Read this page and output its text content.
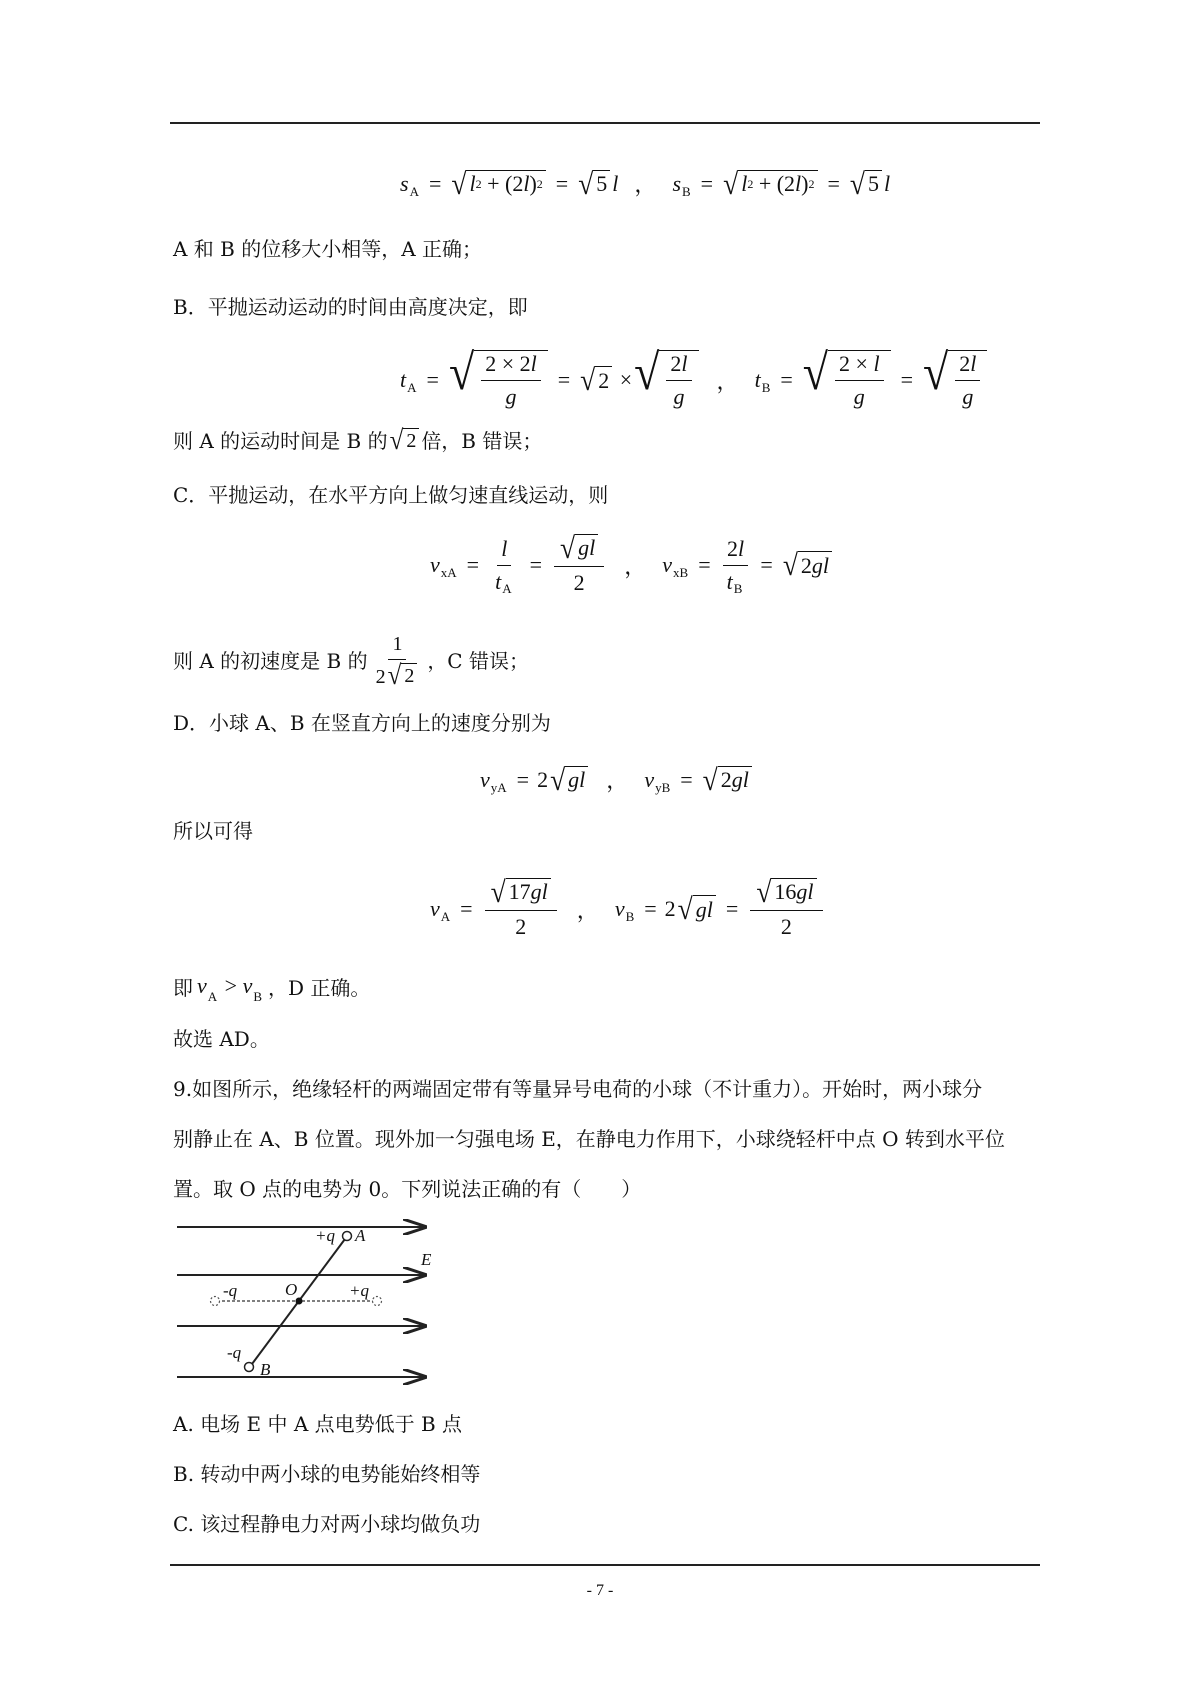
s A = √ l 2 + (2 l ) 2 = √ 5 l ， s B = √ l 2 + (2 l ) 2 = √ 5 l
A 和 B 的位移大小相等，A 正确；
B．平抛运动运动的时间由高度决定，即
t A = √ $\frac{2 \times 2l}{g}$ = √ 2 × √ $\frac{2l}{g}$ ， t B = √ $\frac{2 \times l}{g}$ = √ $\frac{2l}{g}$
则 A 的运动时间是 B 的 √ 2 倍，B 错误；
C．平抛运动，在水平方向上做匀速直线运动，则
v xA = $\frac{l}{tA} = \frac{√ gl}{2}$ ， v xB = $\frac{2l}{tB}$ = √ 2 gl
则 A 的初速度是 B 的 $\frac{1}{2 √ 2}$ ，C 错误；
D．小球 A、B 在竖直方向上的速度分别为
v yA = 2 √ gl ， v yB = √ 2 gl
所以可得
v $A = \frac{√ 17 gl}{2}$ ， v B = 2 √ gl = $\frac{√ 16 gl}{2}$
即 $v_A > v_B$ ，D 正确。
故选 AD。
9.如图所示，绝缘轻杆的两端固定带有等量异号电荷的小球（不计重力）。开始时，两小球分
别静止在 A、B 位置。现外加一匀强电场 E，在静电力作用下，小球绕轻杆中点 O 转到水平位
置。取 O 点的电势为 0。下列说法正确的有（　　）
+q A
E
-q	O	+q
-q
B
A. 电场 E 中 A 点电势低于 B 点
B. 转动中两小球的电势能始终相等
C. 该过程静电力对两小球均做负功
- 7 -
